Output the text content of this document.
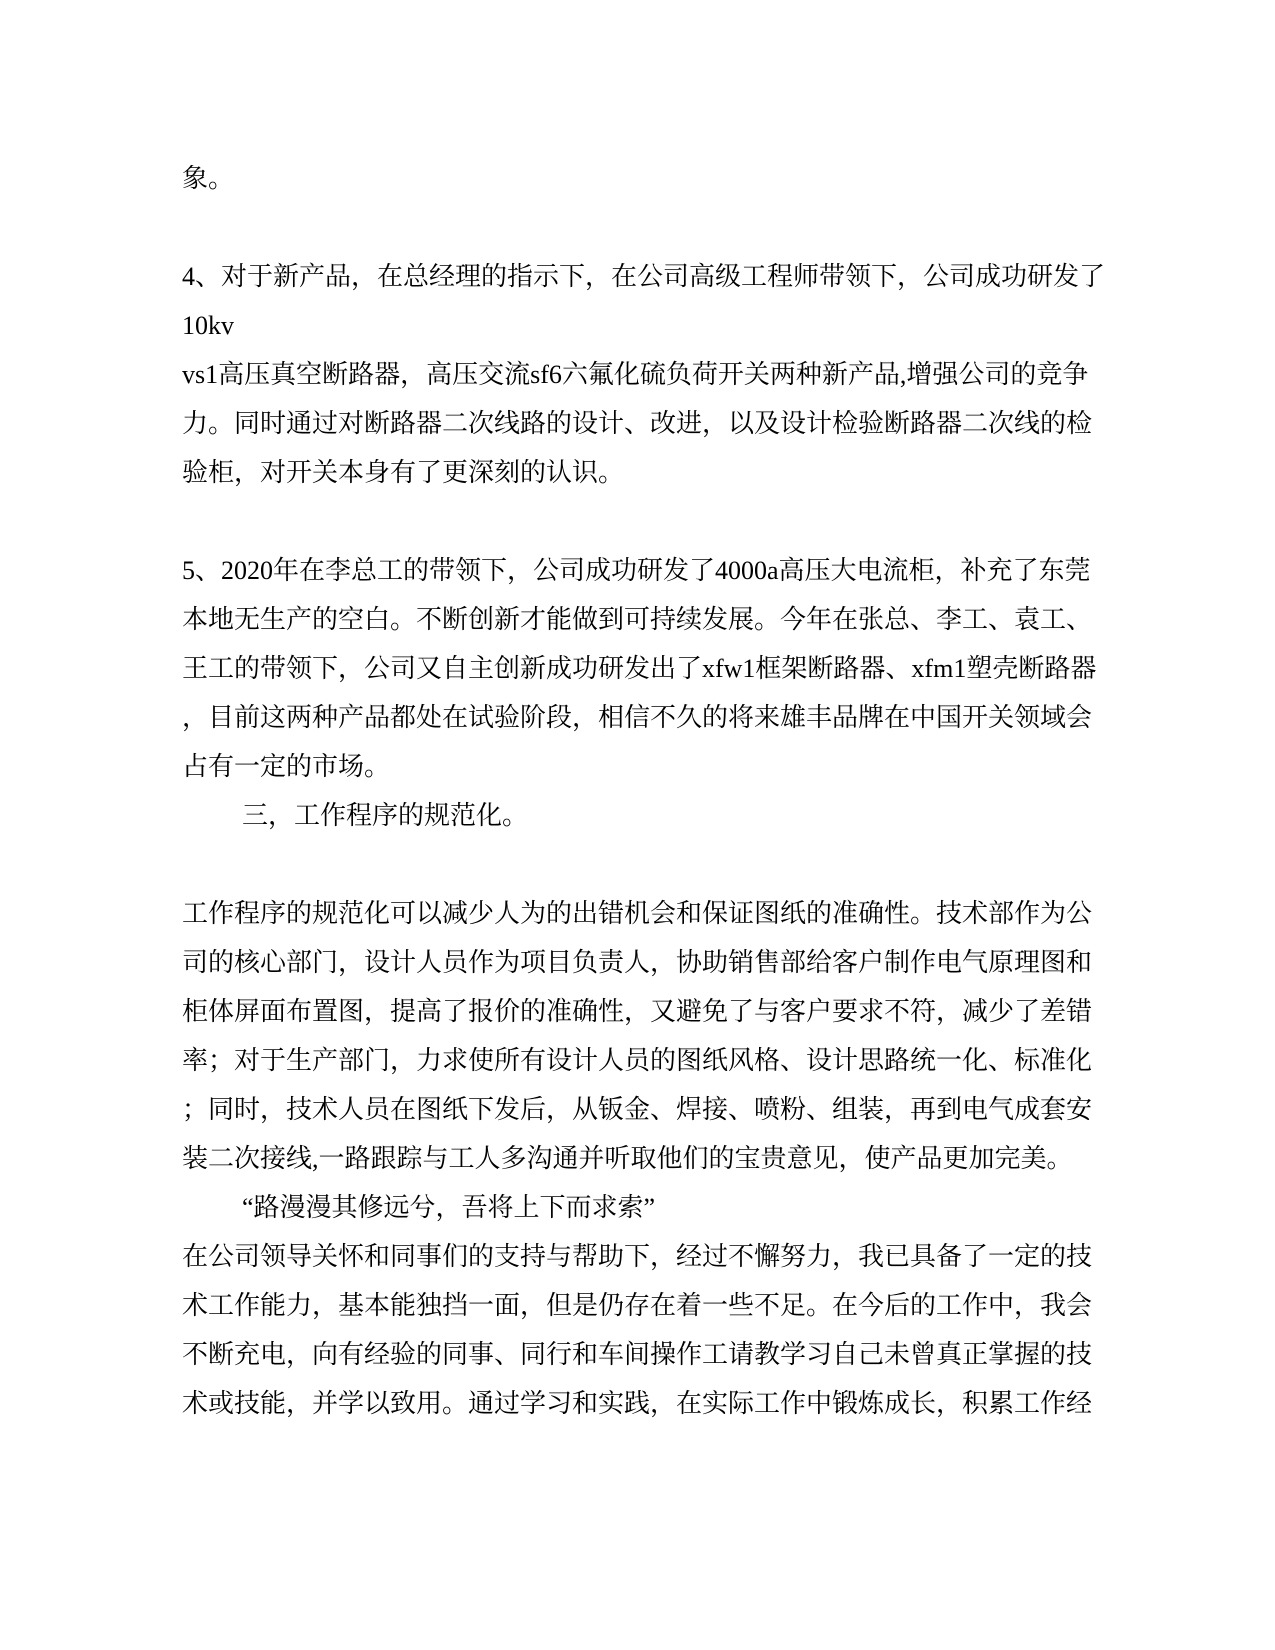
象。
4、对于新产品，在总经理的指示下，在公司高级工程师带领下，公司成功研发了
10kv
vs1高压真空断路器，高压交流sf6六氟化硫负荷开关两种新产品,增强公司的竞争
力。同时通过对断路器二次线路的设计、改进，以及设计检验断路器二次线的检
验柜，对开关本身有了更深刻的认识。
5、2020年在李总工的带领下，公司成功研发了4000a高压大电流柜，补充了东莞
本地无生产的空白。不断创新才能做到可持续发展。今年在张总、李工、袁工、
王工的带领下，公司又自主创新成功研发出了xfw1框架断路器、xfm1塑壳断路器
，目前这两种产品都处在试验阶段，相信不久的将来雄丰品牌在中国开关领域会
占有一定的市场。
三，工作程序的规范化。
工作程序的规范化可以减少人为的出错机会和保证图纸的准确性。技术部作为公
司的核心部门，设计人员作为项目负责人，协助销售部给客户制作电气原理图和
柜体屏面布置图，提高了报价的准确性，又避免了与客户要求不符，减少了差错
率；对于生产部门，力求使所有设计人员的图纸风格、设计思路统一化、标准化
；同时，技术人员在图纸下发后，从钣金、焊接、喷粉、组装，再到电气成套安
装二次接线,一路跟踪与工人多沟通并听取他们的宝贵意见，使产品更加完美。
“路漫漫其修远兮，吾将上下而求索”
在公司领导关怀和同事们的支持与帮助下，经过不懈努力，我已具备了一定的技
术工作能力，基本能独挡一面，但是仍存在着一些不足。在今后的工作中，我会
不断充电，向有经验的同事、同行和车间操作工请教学习自己未曾真正掌握的技
术或技能，并学以致用。通过学习和实践，在实际工作中锻炼成长，积累工作经
